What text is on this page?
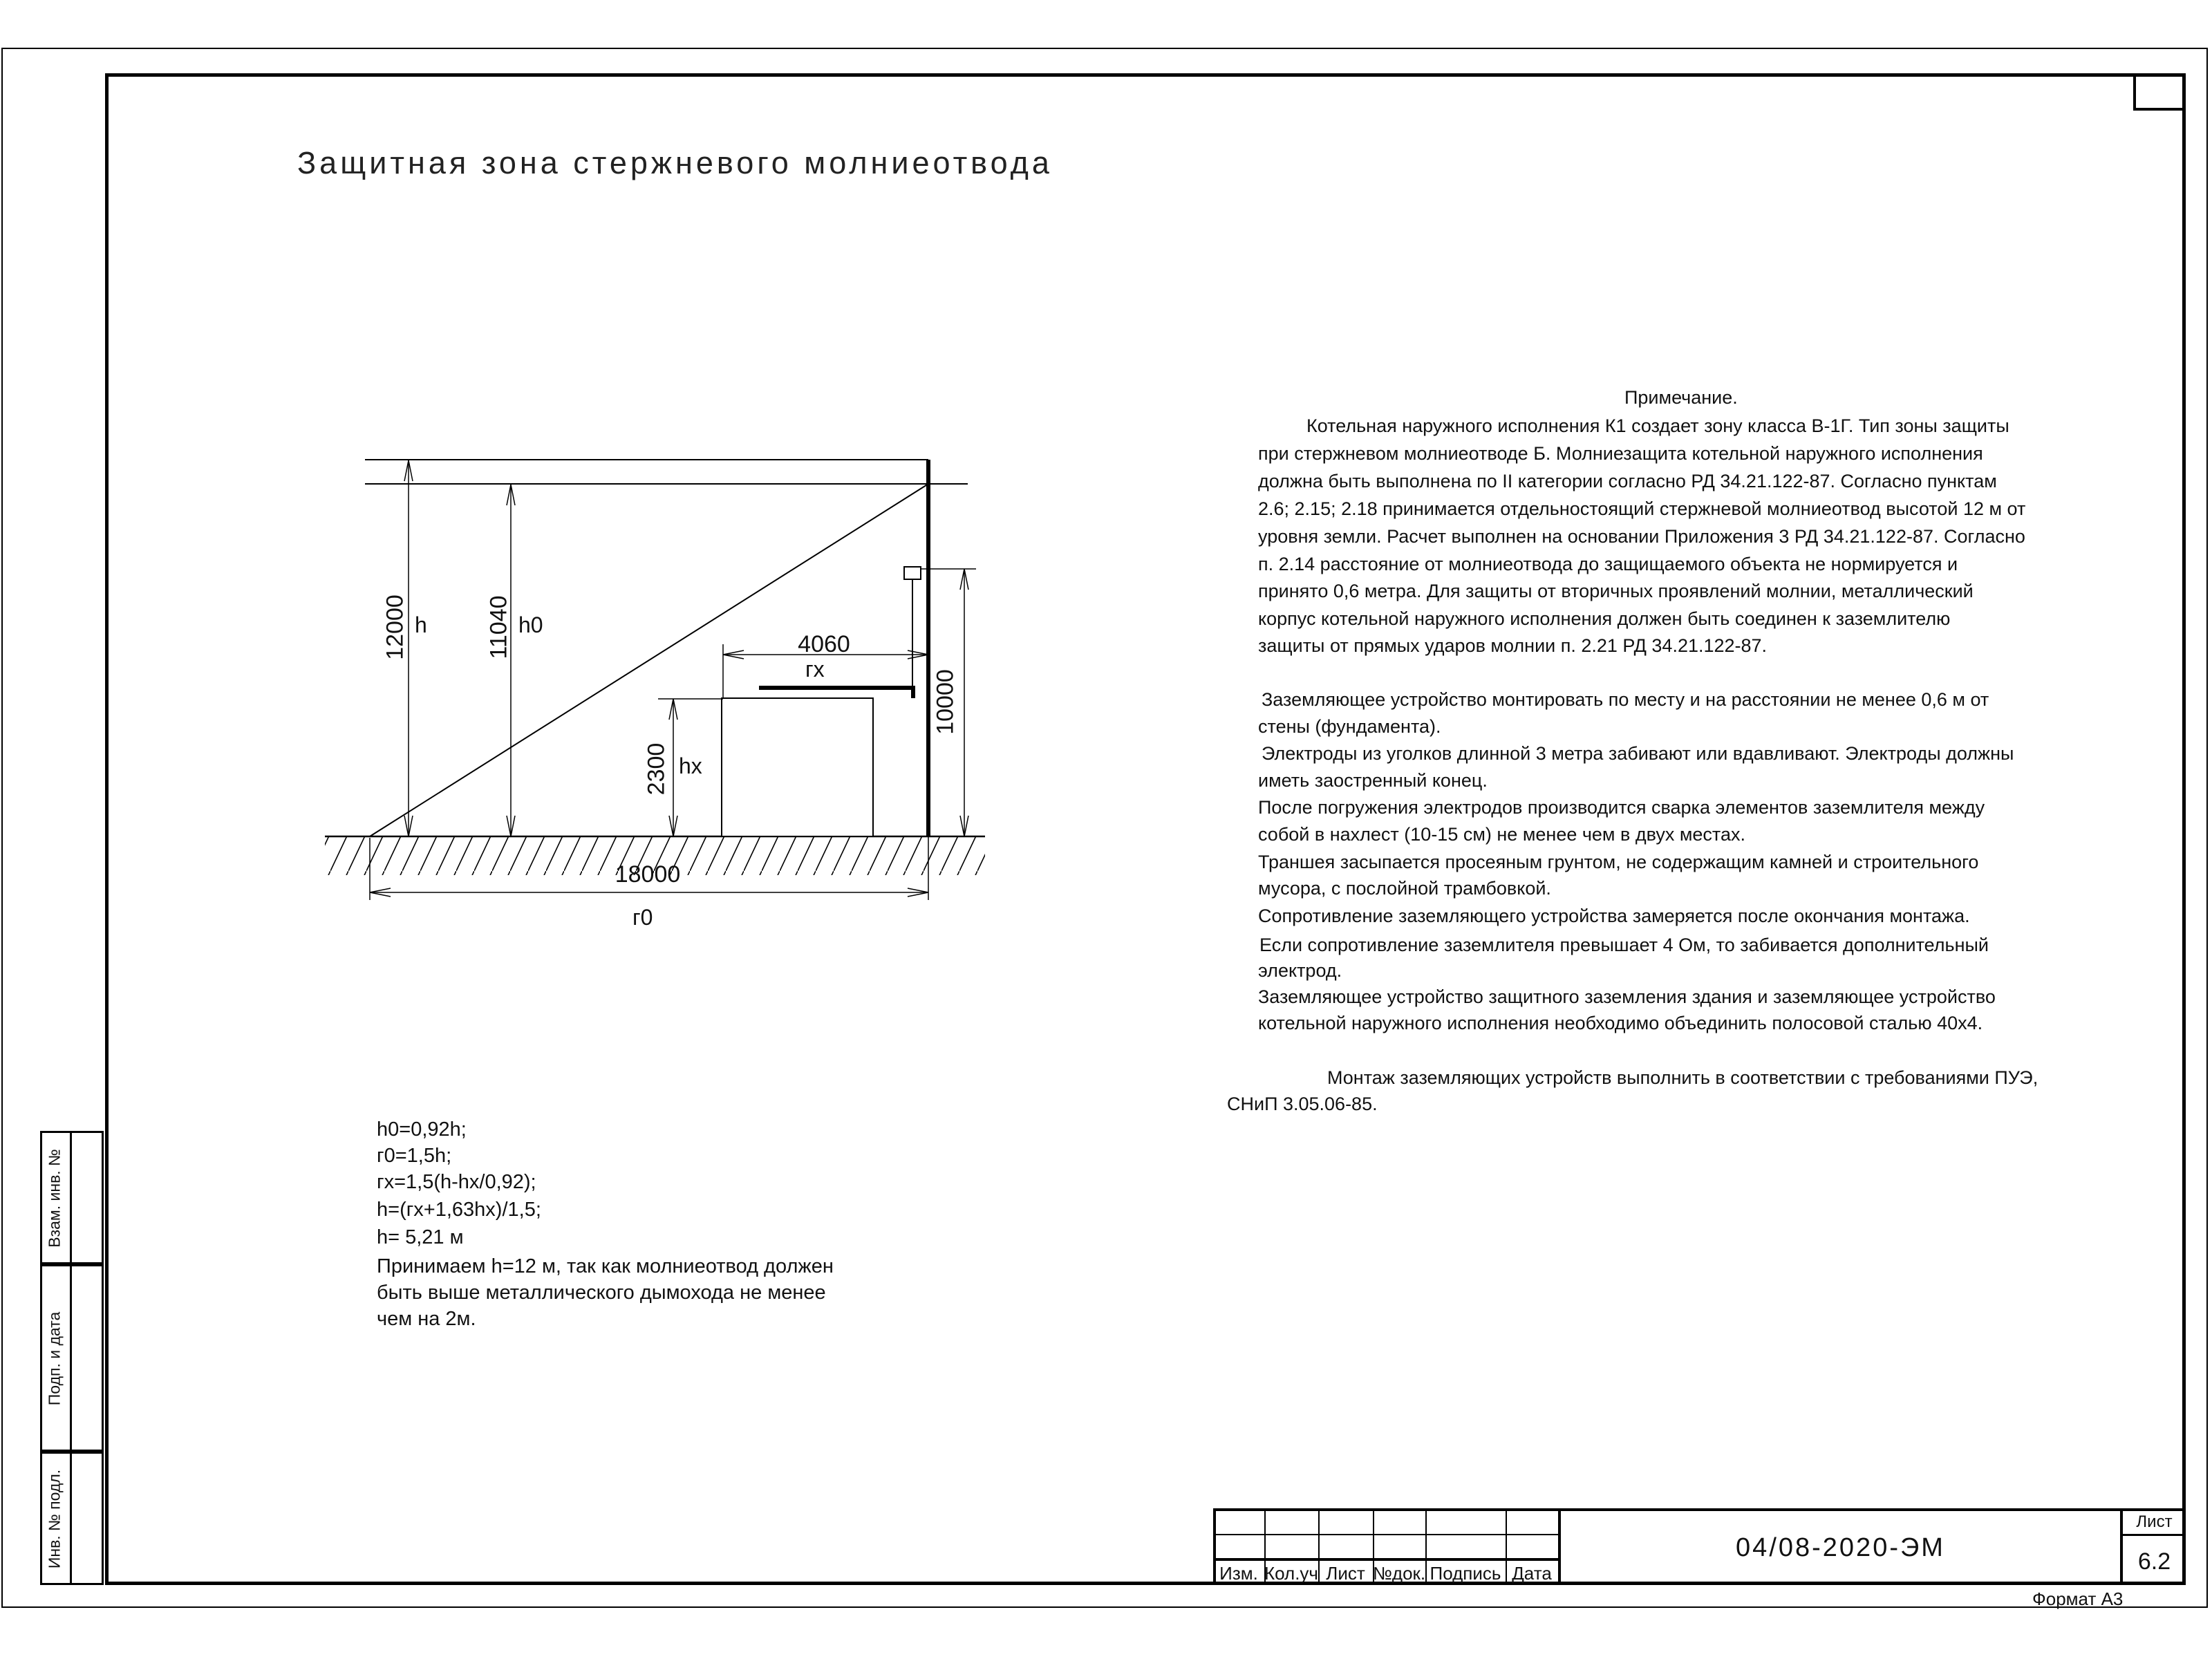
Защитная зона стержневого молниеотвода
12000 h 11040 h0
2300 hx
4060
гх
10000
18000
г0
Примечание.
Котельная наружного исполнения К1 создает зону класса В-1Г. Тип зоны защиты
при стержневом молниеотводе Б. Молниезащита котельной наружного исполнения
должна быть выполнена по II категории согласно РД 34.21.122-87. Согласно пунктам
2.6; 2.15; 2.18 принимается отдельностоящий стержневой молниеотвод высотой 12 м от
уровня земли. Расчет выполнен на основании Приложения 3 РД 34.21.122-87. Согласно
п. 2.14 расстояние от молниеотвода до защищаемого объекта не нормируется и
принято 0,6 метра. Для защиты от вторичных проявлений молнии, металлический
корпус котельной наружного исполнения должен быть соединен к заземлителю
защиты от прямых ударов молнии п. 2.21 РД 34.21.122-87.
Заземляющее устройство монтировать по месту и на расстоянии не менее 0,6 м от
стены (фундамента).
Электроды из уголков длинной 3 метра забивают или вдавливают. Электроды должны
иметь заостренный конец.
После погружения электродов производится сварка элементов заземлителя между
собой в нахлест (10-15 см) не менее чем в двух местах.
Траншея засыпается просеяным грунтом, не содержащим камней и строительного
мусора, с послойной трамбовкой.
Сопротивление заземляющего устройства замеряется после окончания монтажа.
Если сопротивление заземлителя превышает 4 Ом, то забивается дополнительный
электрод.
Заземляющее устройство защитного заземления здания и заземляющее устройство
котельной наружного исполнения необходимо объединить полосовой сталью 40х4.
Монтаж заземляющих устройств выполнить в соответствии с требованиями ПУЭ,
СНиП 3.05.06-85.
h0=0,92h;
г0=1,5h;
гх=1,5(h-hx/0,92);
h=(гх+1,63hx)/1,5;
h= 5,21 м
Принимаем h=12 м, так как молниеотвод должен
быть выше металлического дымохода не менее
чем на 2м.
Взам. инв. №
Подп. и дата
Инв. № подл.
Изм. Кол.уч Лист №док. Подпись Дата
04/08-2020-ЭМ
Лист
6.2
Формат А3
